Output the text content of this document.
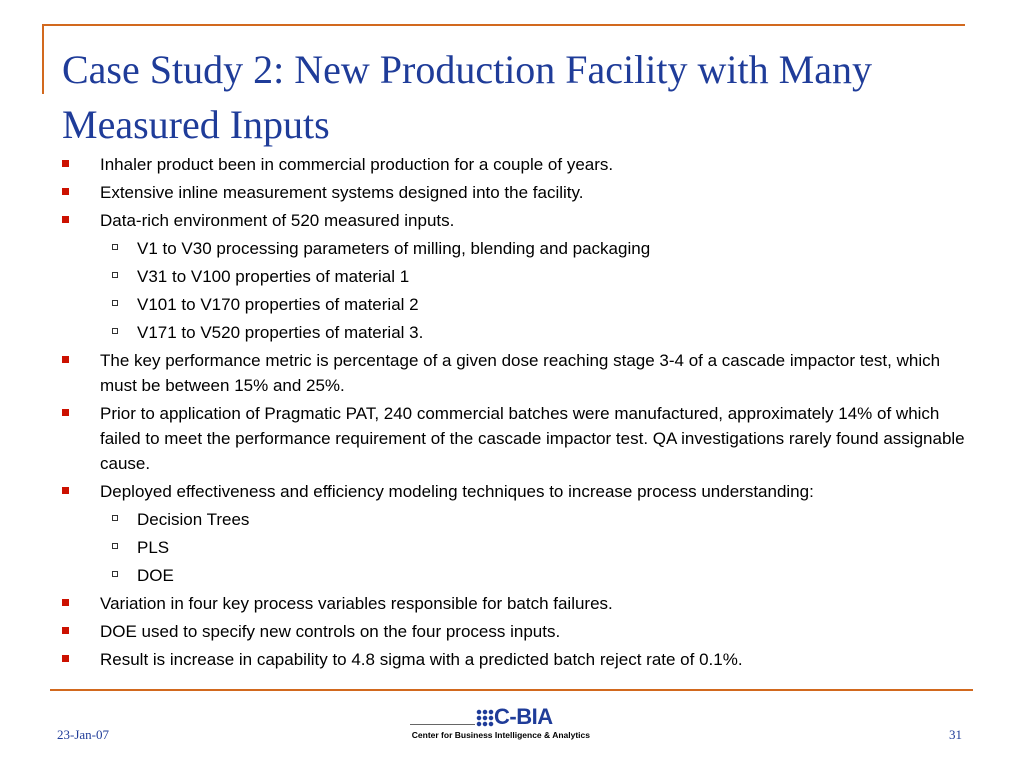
Case Study 2: New Production Facility with Many Measured Inputs
Inhaler product been in commercial production for a couple of years.
Extensive inline measurement systems designed into the facility.
Data-rich environment of 520 measured inputs.
V1 to V30 processing parameters of milling, blending and packaging
V31 to V100 properties of material 1
V101 to V170 properties of material 2
V171 to V520 properties of material 3.
The key performance metric is percentage of a given dose reaching stage 3-4 of a cascade impactor test, which must be between 15% and 25%.
Prior to application of Pragmatic PAT, 240 commercial batches were manufactured, approximately 14% of which failed to meet the performance requirement of the cascade impactor test. QA investigations rarely found assignable cause.
Deployed effectiveness and efficiency modeling techniques to increase process understanding:
Decision Trees
PLS
DOE
Variation in four key process variables responsible for batch failures.
DOE used to specify new controls on the four process inputs.
Result is increase in capability to 4.8 sigma with a predicted batch reject rate of 0.1%.
23-Jan-07
C-BIA
Center for Business Intelligence & Analytics	31
